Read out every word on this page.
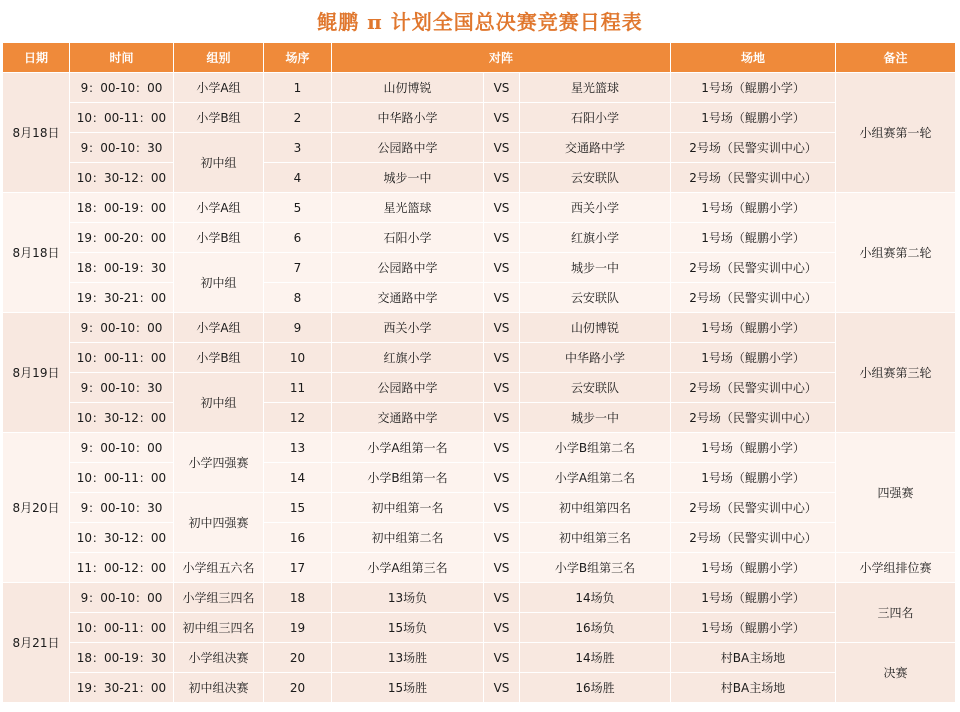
鲲鹏 π 计划全国总决赛竞赛日程表
日期	时间	组别	场序	对阵			场地	备注
8月18日	9：00-10：00	小学A组	1	山仞博锐	VS	星光篮球	1号场（鲲鹏小学）	小组赛第一轮
	10：00-11：00	小学B组	2	中华路小学	VS	石阳小学	1号场（鲲鹏小学）	
	9：00-10：30	初中组	3	公园路中学	VS	交通路中学	2号场（民警实训中心）	
	10：30-12：00		4	城步一中	VS	云安联队	2号场（民警实训中心）	
8月18日	18：00-19：00	小学A组	5	星光篮球	VS	西关小学	1号场（鲲鹏小学）	小组赛第二轮
	19：00-20：00	小学B组	6	石阳小学	VS	红旗小学	1号场（鲲鹏小学）	
	18：00-19：30	初中组	7	公园路中学	VS	城步一中	2号场（民警实训中心）	
	19：30-21：00		8	交通路中学	VS	云安联队	2号场（民警实训中心）	
8月19日	9：00-10：00	小学A组	9	西关小学	VS	山仞博锐	1号场（鲲鹏小学）	小组赛第三轮
	10：00-11：00	小学B组	10	红旗小学	VS	中华路小学	1号场（鲲鹏小学）	
	9：00-10：30	初中组	11	公园路中学	VS	云安联队	2号场（民警实训中心）	
	10：30-12：00		12	交通路中学	VS	城步一中	2号场（民警实训中心）	
8月20日	9：00-10：00	小学四强赛	13	小学A组第一名	VS	小学B组第二名	1号场（鲲鹏小学）	四强赛
	10：00-11：00		14	小学B组第一名	VS	小学A组第二名	1号场（鲲鹏小学）	
	9：00-10：30	初中四强赛	15	初中组第一名	VS	初中组第四名	2号场（民警实训中心）	
	10：30-12：00		16	初中组第二名	VS	初中组第三名	2号场（民警实训中心）	
	11：00-12：00	小学组五六名	17	小学A组第三名	VS	小学B组第三名	1号场（鲲鹏小学）	小学组排位赛
8月21日	9：00-10：00	小学组三四名	18	13场负	VS	14场负	1号场（鲲鹏小学）	三四名
	10：00-11：00	初中组三四名	19	15场负	VS	16场负	1号场（鲲鹏小学）	
	18：00-19：30	小学组决赛	20	13场胜	VS	14场胜	村BA主场地	决赛
	19：30-21：00	初中组决赛	20	15场胜	VS	16场胜	村BA主场地	
